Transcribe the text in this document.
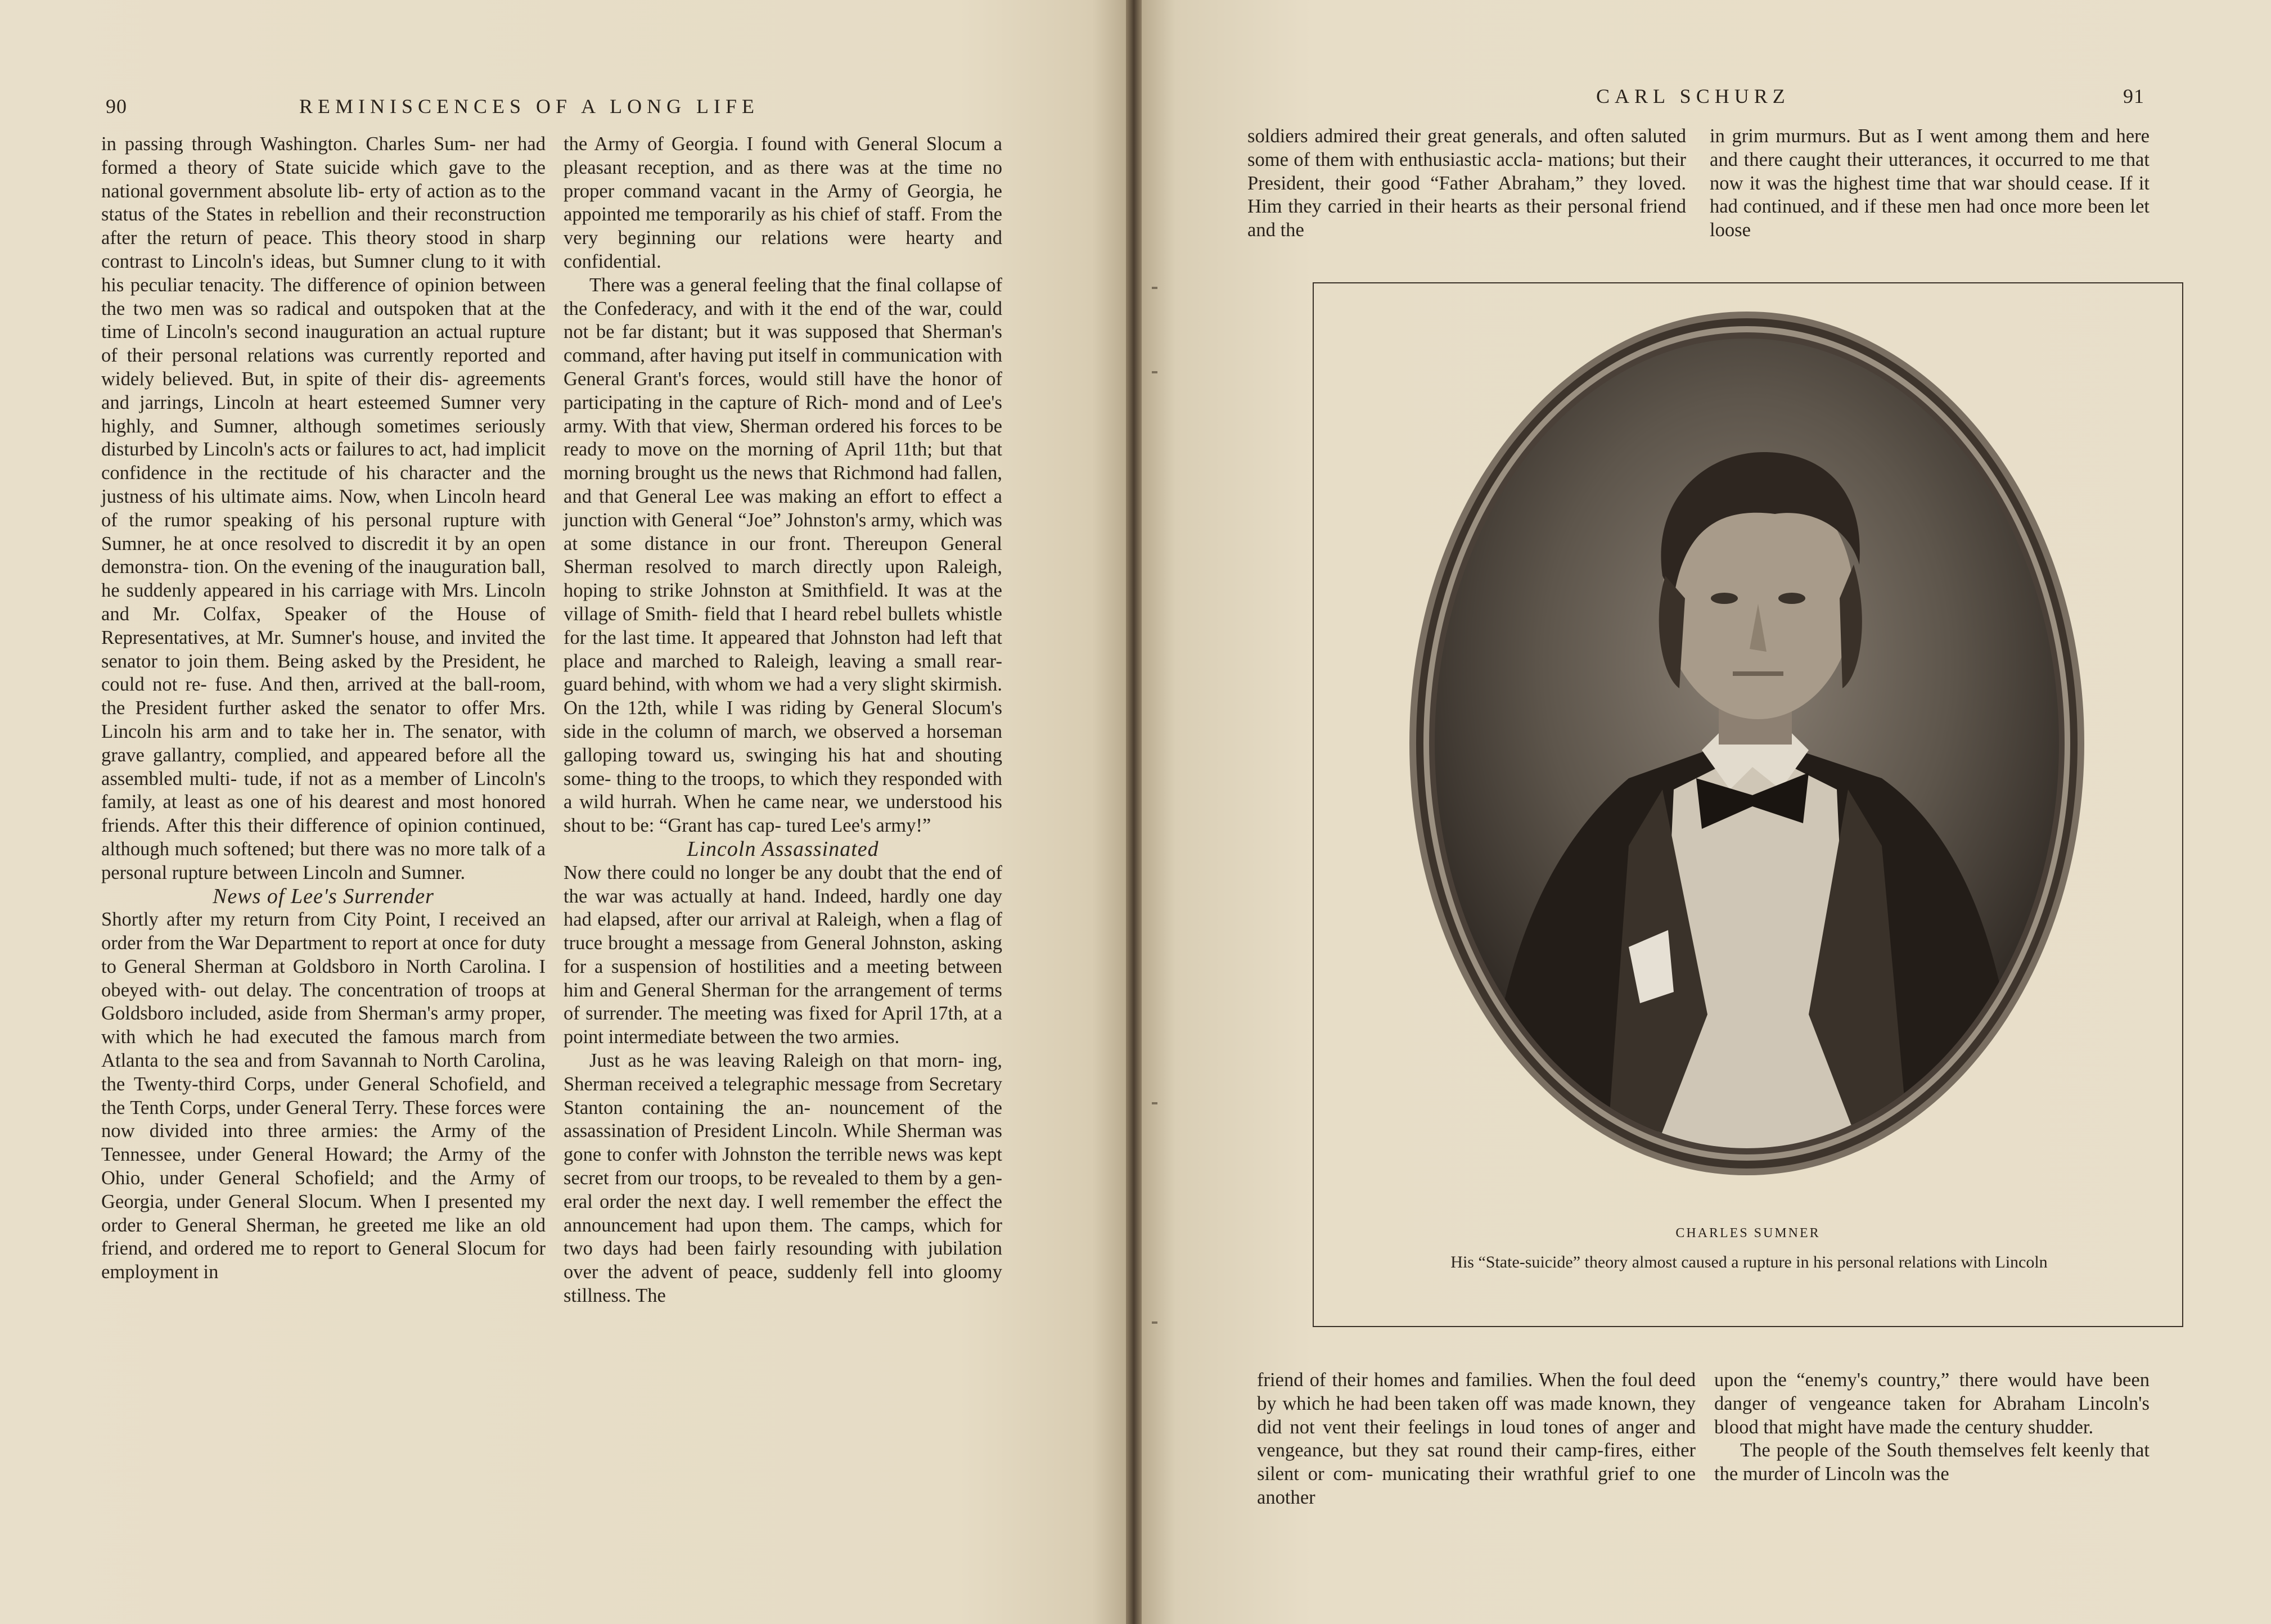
90	REMINISCENCES OF A LONG LIFE

in passing through Washington. Charles Sum- ner had formed a theory of State suicide which gave to the national government absolute lib- erty of action as to the status of the States in rebellion and their reconstruction after the return of peace. This theory stood in sharp contrast to Lincoln's ideas, but Sumner clung to it with his peculiar tenacity. The difference of opinion between the two men was so radical and outspoken that at the time of Lincoln's second inauguration an actual rupture of their personal relations was currently reported and widely believed. But, in spite of their dis- agreements and jarrings, Lincoln at heart esteemed Sumner very highly, and Sumner, although sometimes seriously disturbed by Lincoln's acts or failures to act, had implicit confidence in the rectitude of his character and the justness of his ultimate aims. Now, when Lincoln heard of the rumor speaking of his personal rupture with Sumner, he at once resolved to discredit it by an open demonstra- tion. On the evening of the inauguration ball, he suddenly appeared in his carriage with Mrs. Lincoln and Mr. Colfax, Speaker of the House of Representatives, at Mr. Sumner's house, and invited the senator to join them. Being asked by the President, he could not re- fuse. And then, arrived at the ball-room, the President further asked the senator to offer Mrs. Lincoln his arm and to take her in. The senator, with grave gallantry, complied, and appeared before all the assembled multi- tude, if not as a member of Lincoln's family, at least as one of his dearest and most honored friends. After this their difference of opinion continued, although much softened; but there was no more talk of a personal rupture between Lincoln and Sumner.

News of Lee's Surrender

Shortly after my return from City Point, I received an order from the War Department to report at once for duty to General Sherman at Goldsboro in North Carolina. I obeyed with- out delay. The concentration of troops at Goldsboro included, aside from Sherman's army proper, with which he had executed the famous march from Atlanta to the sea and from Savannah to North Carolina, the Twenty-third Corps, under General Schofield, and the Tenth Corps, under General Terry. These forces were now divided into three armies: the Army of the Tennessee, under General Howard; the Army of the Ohio, under General Schofield; and the Army of Georgia, under General Slocum. When I presented my order to General Sherman, he greeted me like an old friend, and ordered me to report to General Slocum for employment in

the Army of Georgia. I found with General Slocum a pleasant reception, and as there was at the time no proper command vacant in the Army of Georgia, he appointed me temporarily as his chief of staff. From the very beginning our relations were hearty and confidential.

There was a general feeling that the final collapse of the Confederacy, and with it the end of the war, could not be far distant; but it was supposed that Sherman's command, after having put itself in communication with General Grant's forces, would still have the honor of participating in the capture of Rich- mond and of Lee's army. With that view, Sherman ordered his forces to be ready to move on the morning of April 11th; but that morning brought us the news that Richmond had fallen, and that General Lee was making an effort to effect a junction with General “Joe” Johnston's army, which was at some distance in our front. Thereupon General Sherman resolved to march directly upon Raleigh, hoping to strike Johnston at Smithfield. It was at the village of Smith- field that I heard rebel bullets whistle for the last time. It appeared that Johnston had left that place and marched to Raleigh, leaving a small rear-guard behind, with whom we had a very slight skirmish. On the 12th, while I was riding by General Slocum's side in the column of march, we observed a horseman galloping toward us, swinging his hat and shouting some- thing to the troops, to which they responded with a wild hurrah. When he came near, we understood his shout to be: “Grant has cap- tured Lee's army!”

Lincoln Assassinated

Now there could no longer be any doubt that the end of the war was actually at hand. Indeed, hardly one day had elapsed, after our arrival at Raleigh, when a flag of truce brought a message from General Johnston, asking for a suspension of hostilities and a meeting between him and General Sherman for the arrangement of terms of surrender. The meeting was fixed for April 17th, at a point intermediate between the two armies.

Just as he was leaving Raleigh on that morn- ing, Sherman received a telegraphic message from Secretary Stanton containing the an- nouncement of the assassination of President Lincoln. While Sherman was gone to confer with Johnston the terrible news was kept secret from our troops, to be revealed to them by a gen- eral order the next day. I well remember the effect the announcement had upon them. The camps, which for two days had been fairly resounding with jubilation over the advent of peace, suddenly fell into gloomy stillness. The

CARL SCHURZ	91

soldiers admired their great generals, and often saluted some of them with enthusiastic accla- mations; but their President, their good “Father Abraham,” they loved. Him they carried in their hearts as their personal friend and the

in grim murmurs. But as I went among them and here and there caught their utterances, it occurred to me that now it was the highest time that war should cease. If it had continued, and if these men had once more been let loose

CHARLES SUMNER
His “State-suicide” theory almost caused a rupture in his personal relations with Lincoln

friend of their homes and families. When the foul deed by which he had been taken off was made known, they did not vent their feelings in loud tones of anger and vengeance, but they sat round their camp-fires, either silent or com- municating their wrathful grief to one another

upon the “enemy's country,” there would have been danger of vengeance taken for Abraham Lincoln's blood that might have made the century shudder.

The people of the South themselves felt keenly that the murder of Lincoln was the
